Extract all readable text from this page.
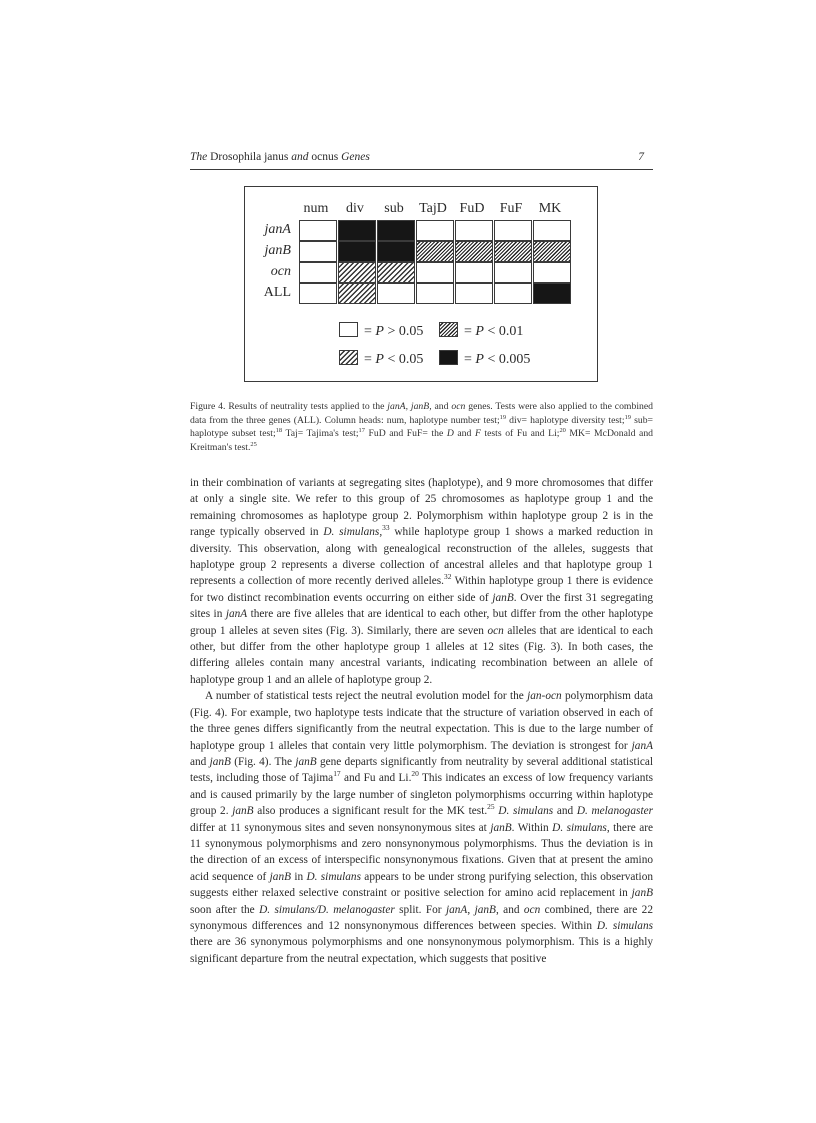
The Drosophila janus and ocnus Genes	7
num	div	sub	TajD FuD	FuF	MK
janA
janB
ocn
ALL
= P > 0.05	= P < 0.01
= P < 0.05	= P < 0.005
Figure 4. Results of neutrality tests applied to the janA, janB, and ocn genes. Tests were also applied to the combined data from the three genes (ALL). Column heads: num, haplotype number test;$^{19}$ div= haplotype diversity test;$^{19}$ sub= haplotype subset test;$^{18}$ Taj= Tajima's test;$^{17}$ FuD and FuF= the D and F tests of Fu and Li;$^{20}$ MK= McDonald and Kreitman's test.$^{25}$

in their combination of variants at segregating sites (haplotype), and 9 more chromosomes that differ at only a single site. We refer to this group of 25 chromosomes as haplotype group 1 and the remaining chromosomes as haplotype group 2. Polymorphism within haplotype group 2 is in the range typically observed in D. simulans,$^{33}$ while haplotype group 1 shows a marked reduction in diversity. This observation, along with genealogical reconstruction of the alleles, suggests that haplotype group 2 represents a diverse collection of ancestral alleles and that haplotype group 1 represents a collection of more recently derived alleles.$^{32}$ Within haplotype group 1 there is evidence for two distinct recombination events occurring on either side of janB. Over the first 31 segregating sites in janA there are five alleles that are identical to each other, but differ from the other haplotype group 1 alleles at seven sites (Fig. 3). Similarly, there are seven ocn alleles that are identical to each other, but differ from the other haplotype group 1 alleles at 12 sites (Fig. 3). In both cases, the differing alleles contain many ancestral variants, indicating recombination between an allele of haplotype group 1 and an allele of haplotype group 2.

A number of statistical tests reject the neutral evolution model for the jan-ocn polymorphism data (Fig. 4). For example, two haplotype tests indicate that the structure of variation observed in each of the three genes differs significantly from the neutral expectation. This is due to the large number of haplotype group 1 alleles that contain very little polymorphism. The deviation is strongest for janA and janB (Fig. 4). The janB gene departs significantly from neutrality by several additional statistical tests, including those of Tajima$^{17}$ and Fu and Li.$^{20}$ This indicates an excess of low frequency variants and is caused primarily by the large number of singleton polymorphisms occurring within haplotype group 2. janB also produces a significant result for the MK test.$^{25}$ D. simulans and D. melanogaster differ at 11 synonymous sites and seven nonsynonymous sites at janB. Within D. simulans, there are 11 synonymous polymorphisms and zero nonsynonymous polymorphisms. Thus the deviation is in the direction of an excess of interspecific nonsynonymous fixations. Given that at present the amino acid sequence of janB in D. simulans appears to be under strong purifying selection, this observation suggests either relaxed selective constraint or positive selection for amino acid replacement in janB soon after the D. simulans/D. melanogaster split. For janA, janB, and ocn combined, there are 22 synonymous differences and 12 nonsynonymous differences between species. Within D. simulans there are 36 synonymous polymorphisms and one nonsynonymous polymorphism. This is a highly significant departure from the neutral expectation, which suggests that positive
